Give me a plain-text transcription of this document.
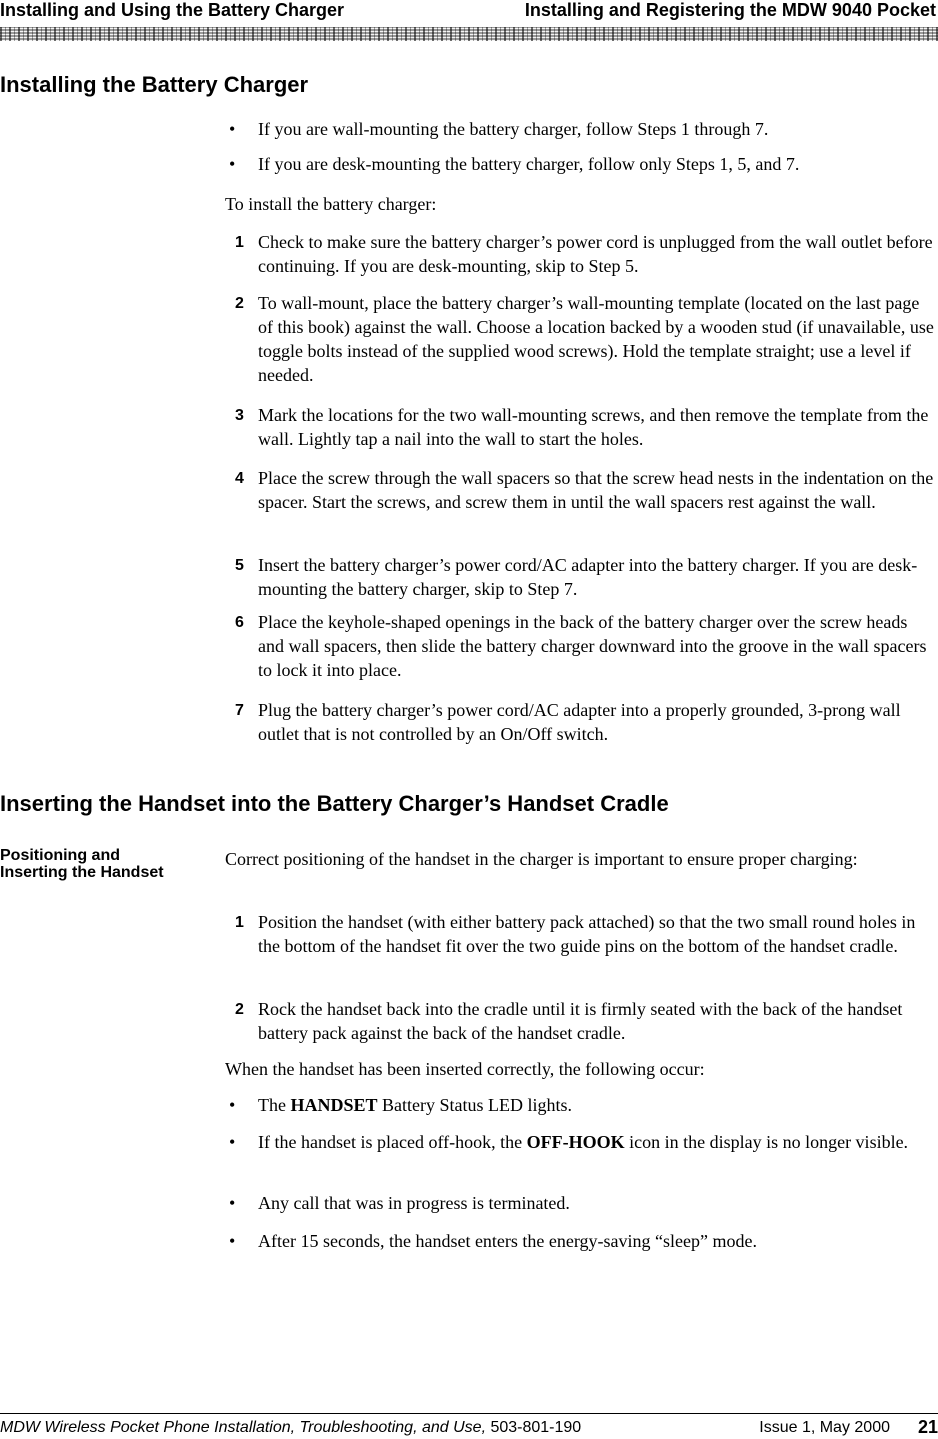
Installing and Using the Battery Charger	Installing and Registering the MDW 9040 Pocket
Installing the Battery Charger
• If you are wall-mounting the battery charger, follow Steps 1 through 7.
• If you are desk-mounting the battery charger, follow only Steps 1, 5, and 7.
To install the battery charger:
1 Check to make sure the battery charger’s power cord is unplugged from the wall outlet before continuing. If you are desk-mounting, skip to Step 5.
2 To wall-mount, place the battery charger’s wall-mounting template (located on the last page of this book) against the wall. Choose a location backed by a wooden stud (if unavailable, use toggle bolts instead of the supplied wood screws). Hold the template straight; use a level if needed.
3 Mark the locations for the two wall-mounting screws, and then remove the template from the wall. Lightly tap a nail into the wall to start the holes.
4 Place the screw through the wall spacers so that the screw head nests in the indentation on the spacer. Start the screws, and screw them in until the wall spacers rest against the wall.
5 Insert the battery charger’s power cord/AC adapter into the battery charger. If you are desk-mounting the battery charger, skip to Step 7.
6 Place the keyhole-shaped openings in the back of the battery charger over the screw heads and wall spacers, then slide the battery charger downward into the groove in the wall spacers to lock it into place.
7 Plug the battery charger’s power cord/AC adapter into a properly grounded, 3-prong wall outlet that is not controlled by an On/Off switch.
Inserting the Handset into the Battery Charger’s Handset Cradle
Positioning and
Inserting the Handset
Correct positioning of the handset in the charger is important to ensure proper charging:
1 Position the handset (with either battery pack attached) so that the two small round holes in the bottom of the handset fit over the two guide pins on the bottom of the handset cradle.
2 Rock the handset back into the cradle until it is firmly seated with the back of the handset battery pack against the back of the handset cradle.
When the handset has been inserted correctly, the following occur:
• The HANDSET Battery Status LED lights.
• If the handset is placed off-hook, the OFF-HOOK icon in the display is no longer visible.
• Any call that was in progress is terminated.
• After 15 seconds, the handset enters the energy-saving “sleep” mode.
MDW Wireless Pocket Phone Installation, Troubleshooting, and Use, 503-801-190	Issue 1, May 2000 21
